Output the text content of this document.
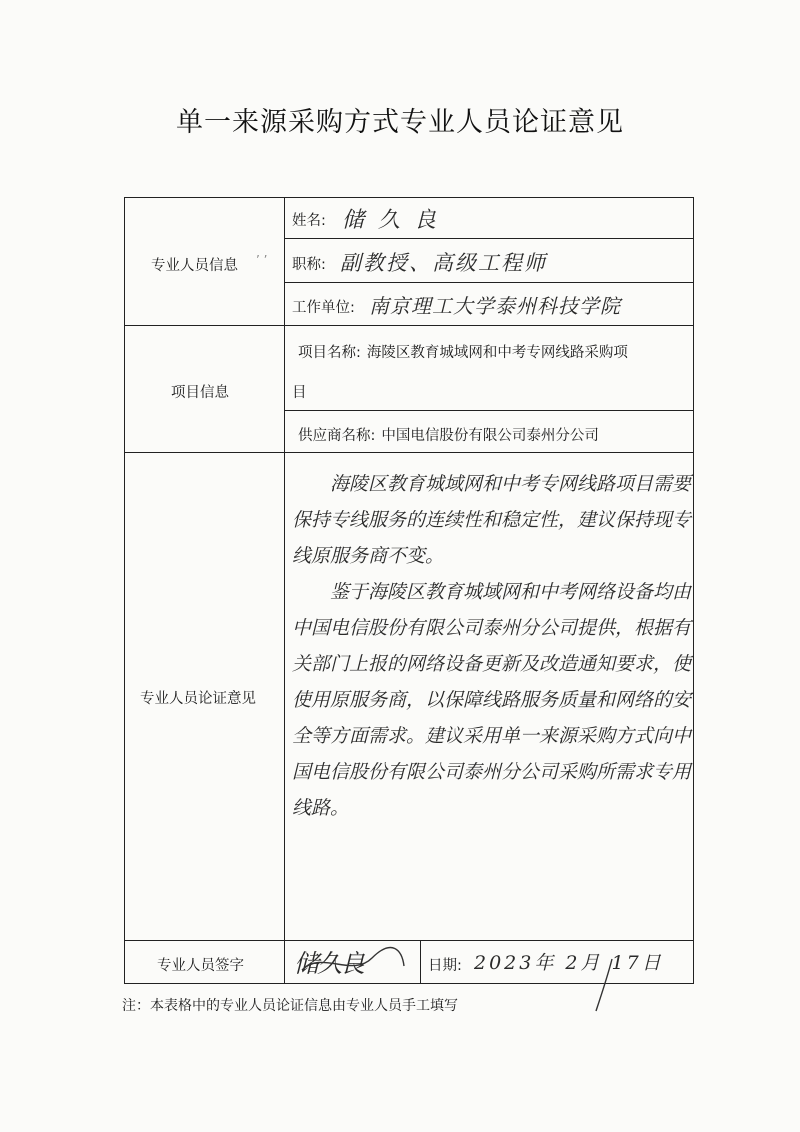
单一来源采购方式专业人员论证意见
专业人员信息 ’ ’
项目信息
专业人员论证意见
专业人员签字
姓名: 储久良
职称: 副教授、高级工程师
工作单位: 南京理工大学泰州科技学院
项目名称: 海陵区教育城域网和中考专网线路采购项
目
供应商名称: 中国电信股份有限公司泰州分公司

海陵区教育城域网和中考专网线路项目需要保持专线服务的连续性和稳定性，建议保持现专线原服务商不变。

鉴于海陵区教育城域网和中考网络设备均由中国电信股份有限公司泰州分公司提供，根据有关部门上报的网络设备更新及改造通知要求，使使用原服务商，以保障线路服务质量和网络的安全等方面需求。建议采用单一来源采购方式向中国电信股份有限公司泰州分公司采购所需求专用线路。

储久良	日期: 2023年 2月 17日
注：本表格中的专业人员论证信息由专业人员手工填写
